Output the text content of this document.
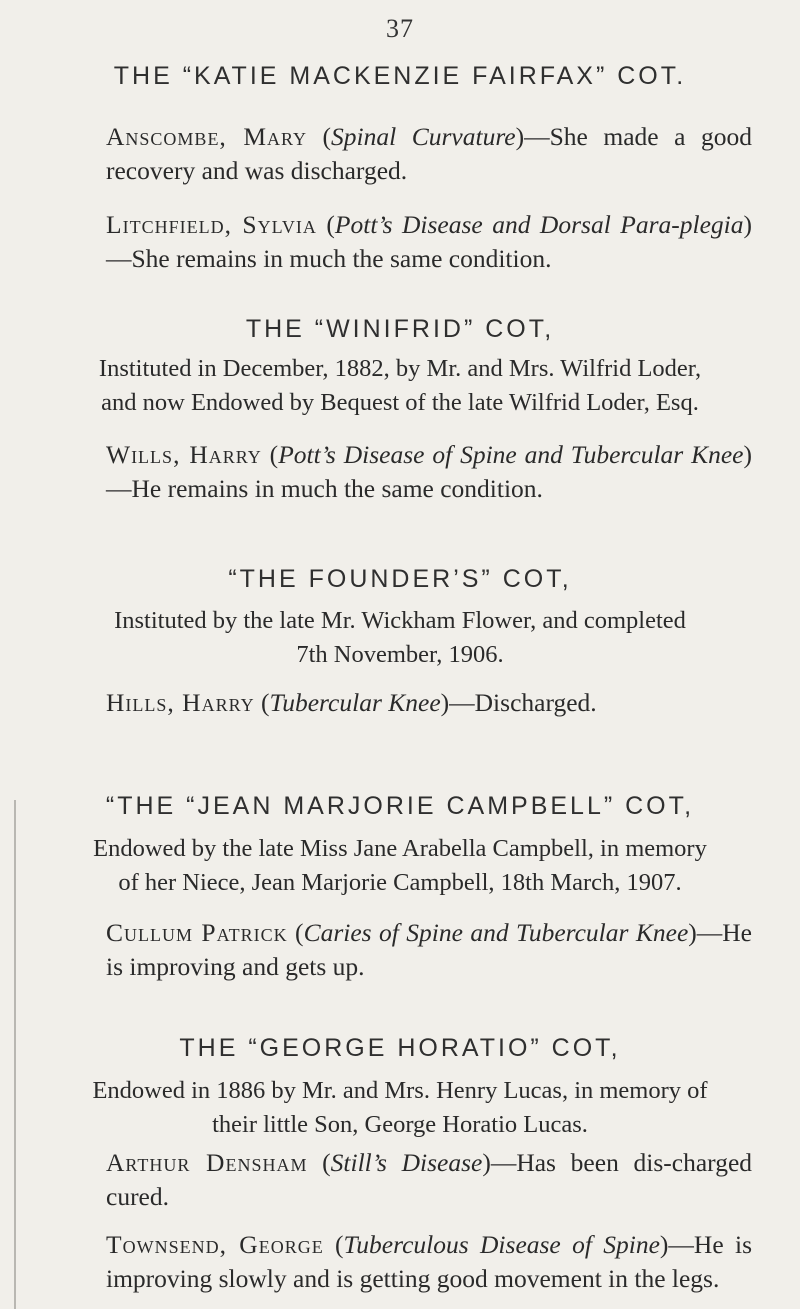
37
THE “KATIE MACKENZIE FAIRFAX” COT.
Anscombe, Mary (Spinal Curvature)—She made a good recovery and was discharged.
Litchfield, Sylvia (Pott’s Disease and Dorsal Para-plegia)—She remains in much the same condition.
THE “WINIFRID” COT,
Instituted in December, 1882, by Mr. and Mrs. Wilfrid Loder,
and now Endowed by Bequest of the late Wilfrid Loder, Esq.
Wills, Harry (Pott’s Disease of Spine and Tubercular Knee)—He remains in much the same condition.
“THE FOUNDER’S” COT,
Instituted by the late Mr. Wickham Flower, and completed
7th November, 1906.
Hills, Harry (Tubercular Knee)—Discharged.
“THE “JEAN MARJORIE CAMPBELL” COT,
Endowed by the late Miss Jane Arabella Campbell, in memory
of her Niece, Jean Marjorie Campbell, 18th March, 1907.
Cullum Patrick (Caries of Spine and Tubercular Knee)—He is improving and gets up.
THE “GEORGE HORATIO” COT,
Endowed in 1886 by Mr. and Mrs. Henry Lucas, in memory of
their little Son, George Horatio Lucas.
Arthur Densham (Still’s Disease)—Has been dis-charged cured.
Townsend, George (Tuberculous Disease of Spine)—He is improving slowly and is getting good movement in the legs.
